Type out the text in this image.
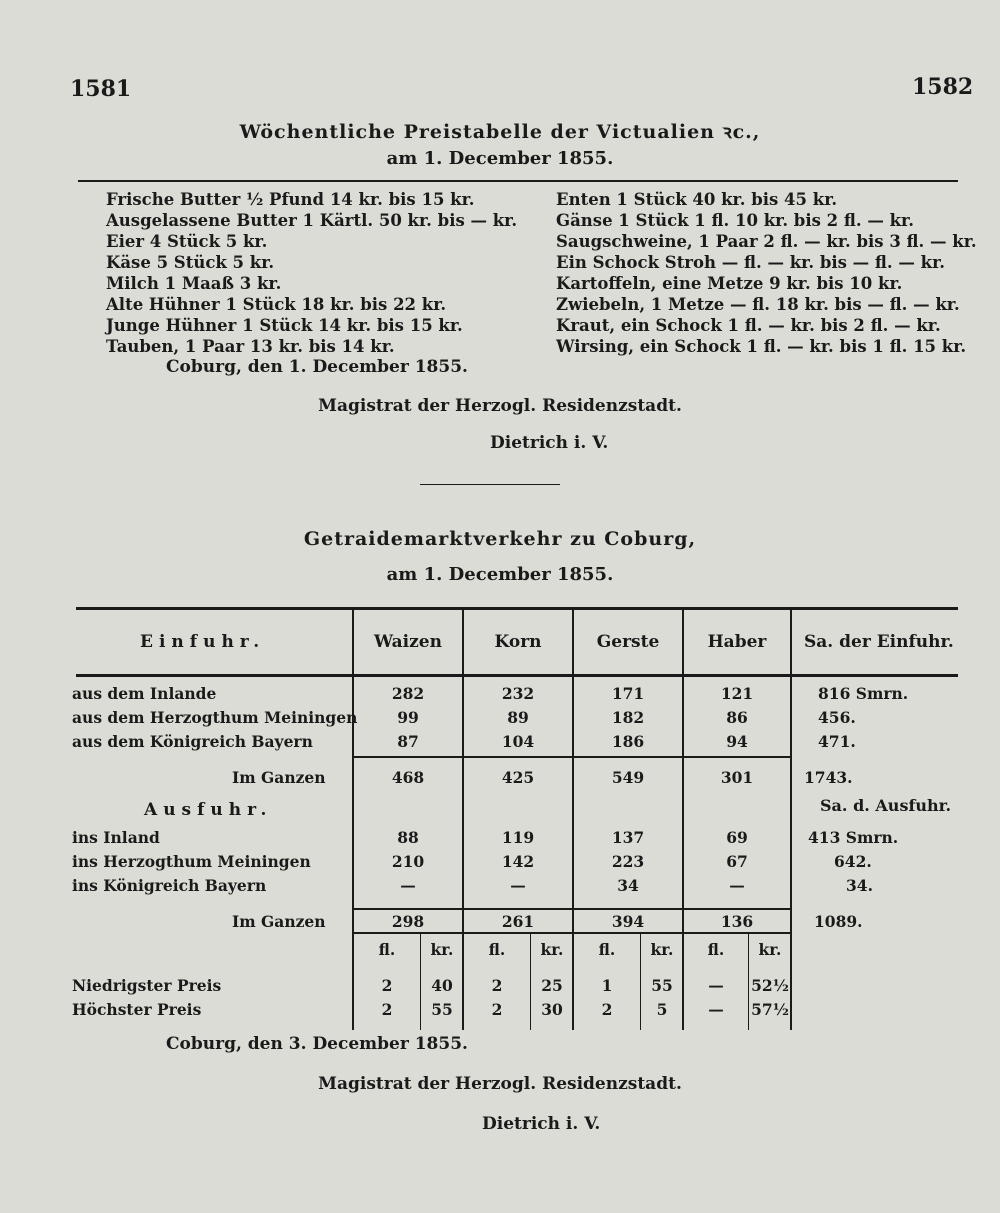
1581	1582
Wöchentliche Preistabelle der Victualien ꝛc.,
am 1. December 1855.
Frische Butter ½ Pfund 14 kr. bis 15 kr.
Ausgelassene Butter 1 Kärtl. 50 kr. bis — kr.
Eier 4 Stück 5 kr.
Käse 5 Stück 5 kr.
Milch 1 Maaß 3 kr.
Alte Hühner 1 Stück 18 kr. bis 22 kr.
Junge Hühner 1 Stück 14 kr. bis 15 kr.
Tauben, 1 Paar 13 kr. bis 14 kr.
Enten 1 Stück 40 kr. bis 45 kr.
Gänse 1 Stück 1 fl. 10 kr. bis 2 fl. — kr.
Saugschweine, 1 Paar 2 fl. — kr. bis 3 fl. — kr.
Ein Schock Stroh — fl. — kr. bis — fl. — kr.
Kartoffeln, eine Metze 9 kr. bis 10 kr.
Zwiebeln, 1 Metze — fl. 18 kr. bis — fl. — kr.
Kraut, ein Schock 1 fl. — kr. bis 2 fl. — kr.
Wirsing, ein Schock 1 fl. — kr. bis 1 fl. 15 kr.
Coburg, den 1. December 1855.
Magistrat der Herzogl. Residenzstadt.
Dietrich i. V.
Getraidemarktverkehr zu Coburg,
am 1. December 1855.
Einfuhr.	Waizen	Korn	Gerste	Haber	Sa. der Einfuhr.
aus dem Inlande	282	232	171	121	816 Smrn.
aus dem Herzogthum Meiningen	99	89	182	86	456.
aus dem Königreich Bayern	87	104	186	94	471.
Im Ganzen	468	425	549	301	1743.
Ausfuhr.	Sa. d. Ausfuhr.
ins Inland	88	119	137	69	413 Smrn.
ins Herzogthum Meiningen	210	142	223	67	642.
ins Königreich Bayern	—	—	34	—	34.
Im Ganzen	298	261	394	136	1089.
fl.	kr.	fl.	kr.	fl.	kr.	fl.	kr.
Niedrigster Preis	2	40	2	25	1	55	—	52½
Höchster Preis	2	55	2	30	2	5	—	57½
Coburg, den 3. December 1855.
Magistrat der Herzogl. Residenzstadt.
Dietrich i. V.
